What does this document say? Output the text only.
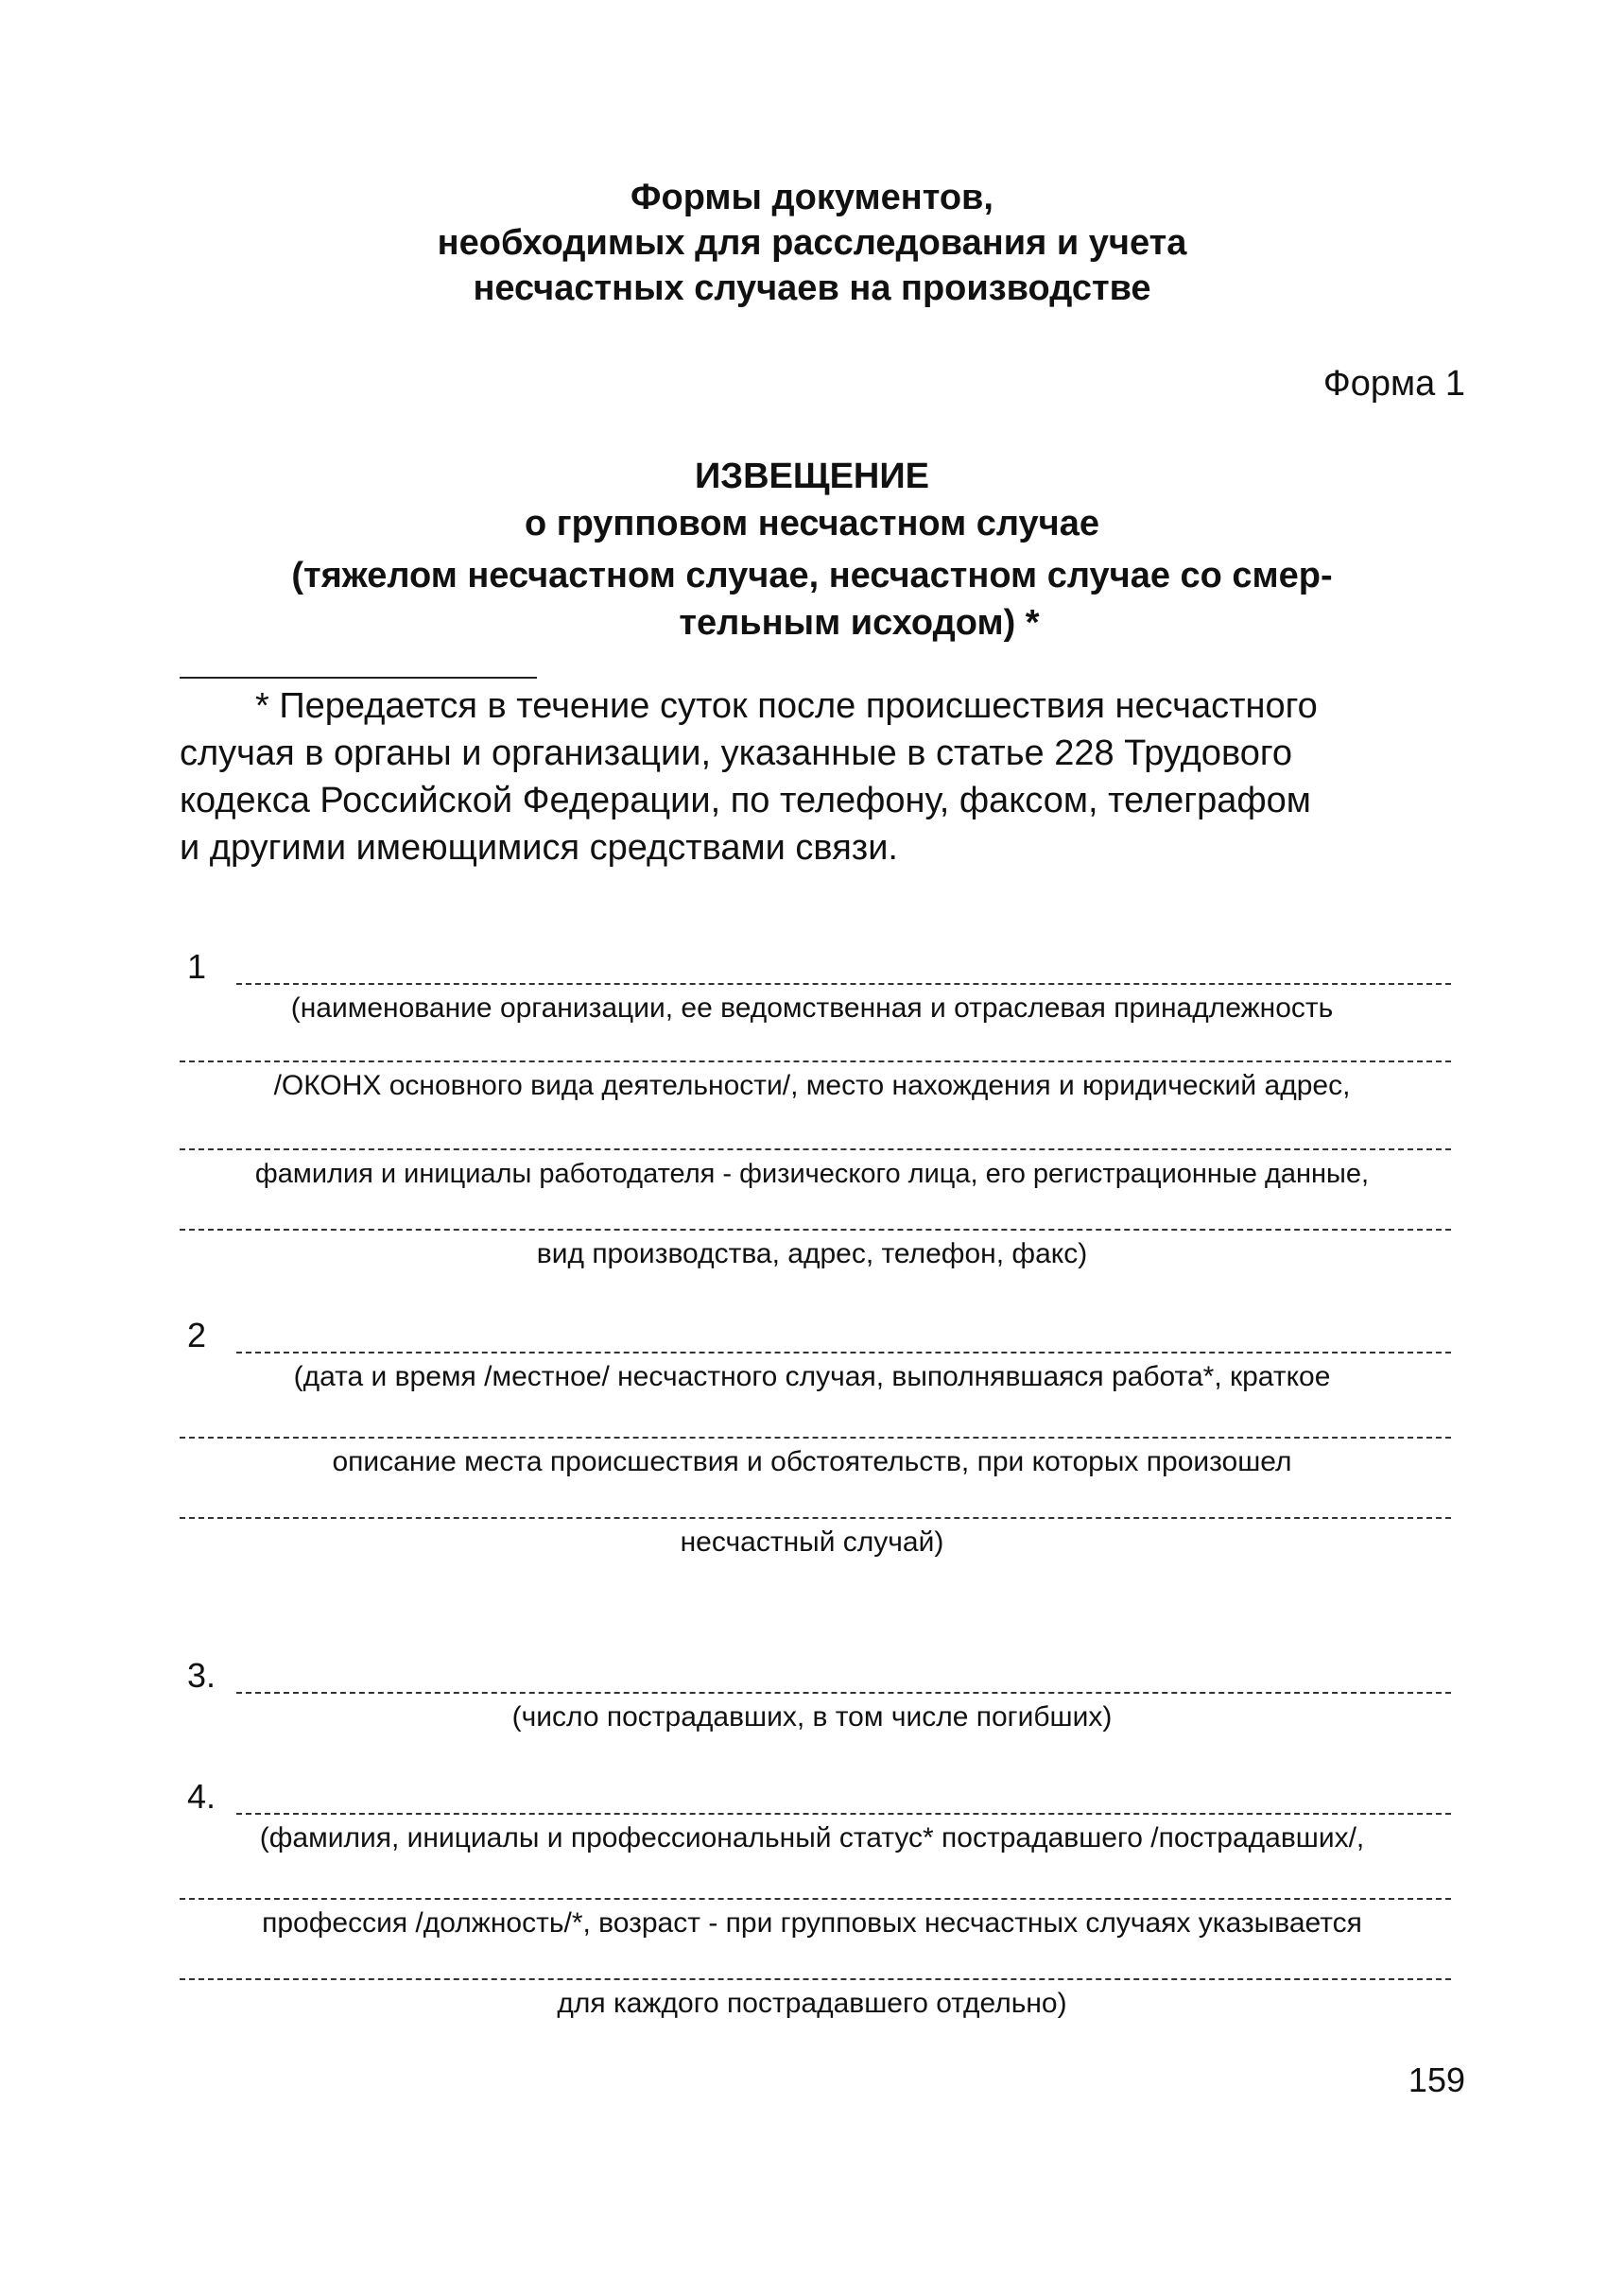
Формы документов,
необходимых для расследования и учета
несчастных случаев на производстве
Форма 1
ИЗВЕЩЕНИЕ
о групповом несчастном случае
(тяжелом несчастном случае, несчастном случае со смер-
тельным исходом) *

* Передается в течение суток после происшествия несчастного

случая в органы и организации, указанные в статье 228 Трудового

кодекса Российской Федерации, по телефону, факсом, телеграфом

и другими имеющимися средствами связи.

1
(наименование организации, ее ведомственная и отраслевая принадлежность
/ОКОНХ основного вида деятельности/, место нахождения и юридический адрес,
фамилия и инициалы работодателя - физического лица, его регистрационные данные,
вид производства, адрес, телефон, факс)
2
(дата и время /местное/ несчастного случая, выполнявшаяся работа*, краткое
описание места происшествия и обстоятельств, при которых произошел
несчастный случай)
3.
(число пострадавших, в том числе погибших)
4.
(фамилия, инициалы и профессиональный статус* пострадавшего /пострадавших/,
профессия /должность/*, возраст - при групповых несчастных случаях указывается
для каждого пострадавшего отдельно)
159
